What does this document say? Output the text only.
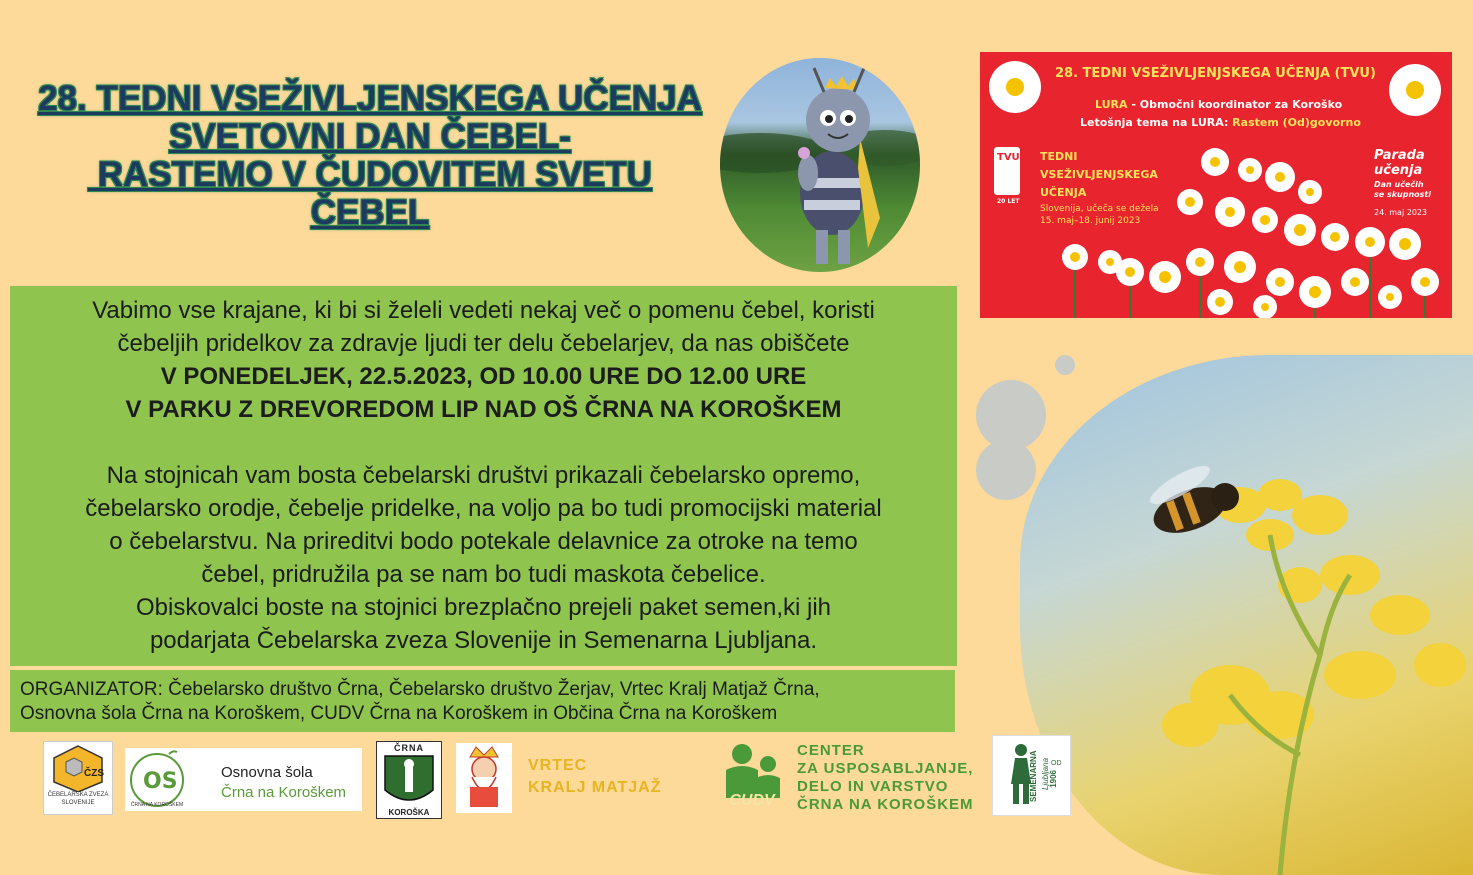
28. TEDNI VSEŽIVLJENSKEGA UČENJA
SVETOVNI DAN ČEBEL-
RASTEMO V ČUDOVITEM SVETU
ČEBEL
28. TEDNI VSEŽIVLJENJSKEGA UČENJA (TVU)
LURA - Območni koordinator za Koroško
Letošnja tema na LURA: Rastem (Od)govorno
TVU
20 LET
TEDNI
VSEŽIVLJENJSKEGA
UČENJA
Slovenija, učeča se dežela
15. maj–18. junij 2023
Parada
učenja
Dan učečih
se skupnosti
24. maj 2023
Vabimo vse krajane, ki bi si želeli vedeti nekaj več o pomenu čebel, koristi
čebeljih pridelkov za zdravje ljudi ter delu čebelarjev, da nas obiščete
V PONEDELJEK, 22.5.2023, OD 10.00 URE DO 12.00 URE
V PARKU Z DREVOREDOM LIP NAD OŠ ČRNA NA KOROŠKEM
Na stojnicah vam bosta čebelarski društvi prikazali čebelarsko opremo,
čebelarsko orodje, čebelje pridelke, na voljo pa bo tudi promocijski material
o čebelarstvu. Na prireditvi bodo potekale delavnice za otroke na temo
čebel, pridružila pa se nam bo tudi maskota čebelice.
Obiskovalci boste na stojnici brezplačno prejeli paket semen,ki jih
podarjata Čebelarska zveza Slovenije in Semenarna Ljubljana.
ORGANIZATOR: Čebelarsko društvo Črna, Čebelarsko društvo Žerjav, Vrtec Kralj Matjaž Črna,
Osnovna šola Črna na Koroškem, CUDV Črna na Koroškem in Občina Črna na Koroškem
ČZS
ČEBELARSKA ZVEZA
SLOVENIJE
OS
ČRNA NA KOROŠKEM
Osnovna šola
Črna na Koroškem
ČRNA
KOROŠKA
VRTEC
KRALJ MATJAŽ
CUDV
CENTER
ZA USPOSABLJANJE,
DELO IN VARSTVO
ČRNA NA KOROŠKEM
SEMENARNA Ljubljana OD
1906
